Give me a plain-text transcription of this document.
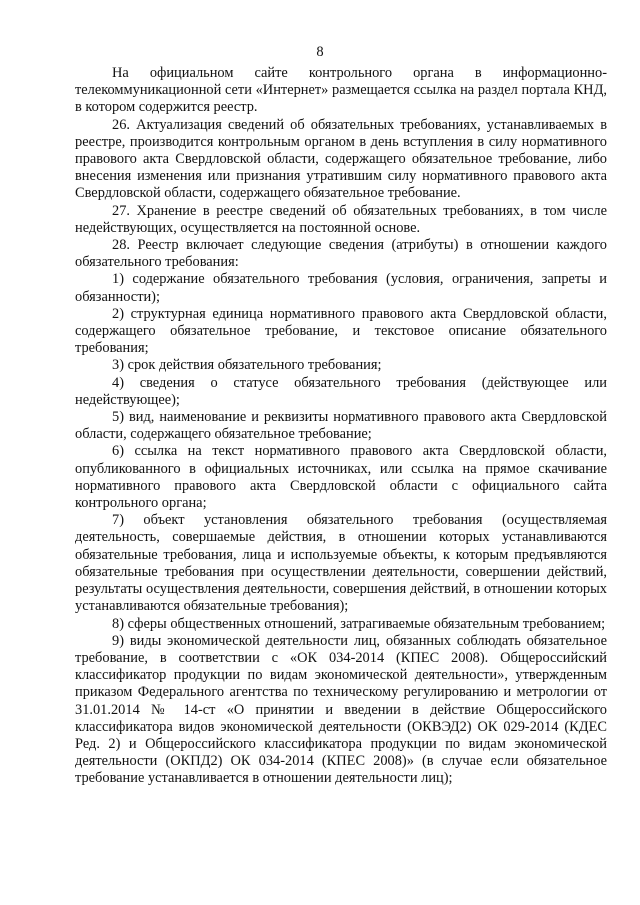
8

На официальном сайте контрольного органа в информационно-телекоммуникационной сети «Интернет» размещается ссылка на раздел портала КНД, в котором содержится реестр.

26. Актуализация сведений об обязательных требованиях, устанавливаемых в реестре, производится контрольным органом в день вступления в силу нормативного правового акта Свердловской области, содержащего обязательное требование, либо внесения изменения или признания утратившим силу нормативного правового акта Свердловской области, содержащего обязательное требование.

27. Хранение в реестре сведений об обязательных требованиях, в том числе недействующих, осуществляется на постоянной основе.

28. Реестр включает следующие сведения (атрибуты) в отношении каждого обязательного требования:

1) содержание обязательного требования (условия, ограничения, запреты и обязанности);

2) структурная единица нормативного правового акта Свердловской области, содержащего обязательное требование, и текстовое описание обязательного требования;

3) срок действия обязательного требования;

4) сведения о статусе обязательного требования (действующее или недействующее);

5) вид, наименование и реквизиты нормативного правового акта Свердловской области, содержащего обязательное требование;

6) ссылка на текст нормативного правового акта Свердловской области, опубликованного в официальных источниках, или ссылка на прямое скачивание нормативного правового акта Свердловской области с официального сайта контрольного органа;

7) объект установления обязательного требования (осуществляемая деятельность, совершаемые действия, в отношении которых устанавливаются обязательные требования, лица и используемые объекты, к которым предъявляются обязательные требования при осуществлении деятельности, совершении действий, результаты осуществления деятельности, совершения действий, в отношении которых устанавливаются обязательные требования);

8) сферы общественных отношений, затрагиваемые обязательным требованием;

9) виды экономической деятельности лиц, обязанных соблюдать обязательное требование, в соответствии с «ОК 034-2014 (КПЕС 2008). Общероссийский классификатор продукции по видам экономической деятельности», утвержденным приказом Федерального агентства по техническому регулированию и метрологии от 31.01.2014 № 14-ст «О принятии и введении в действие Общероссийского классификатора видов экономической деятельности (ОКВЭД2) ОК 029-2014 (КДЕС Ред. 2) и Общероссийского классификатора продукции по видам экономической деятельности (ОКПД2) ОК 034-2014 (КПЕС 2008)» (в случае если обязательное требование устанавливается в отношении деятельности лиц);
